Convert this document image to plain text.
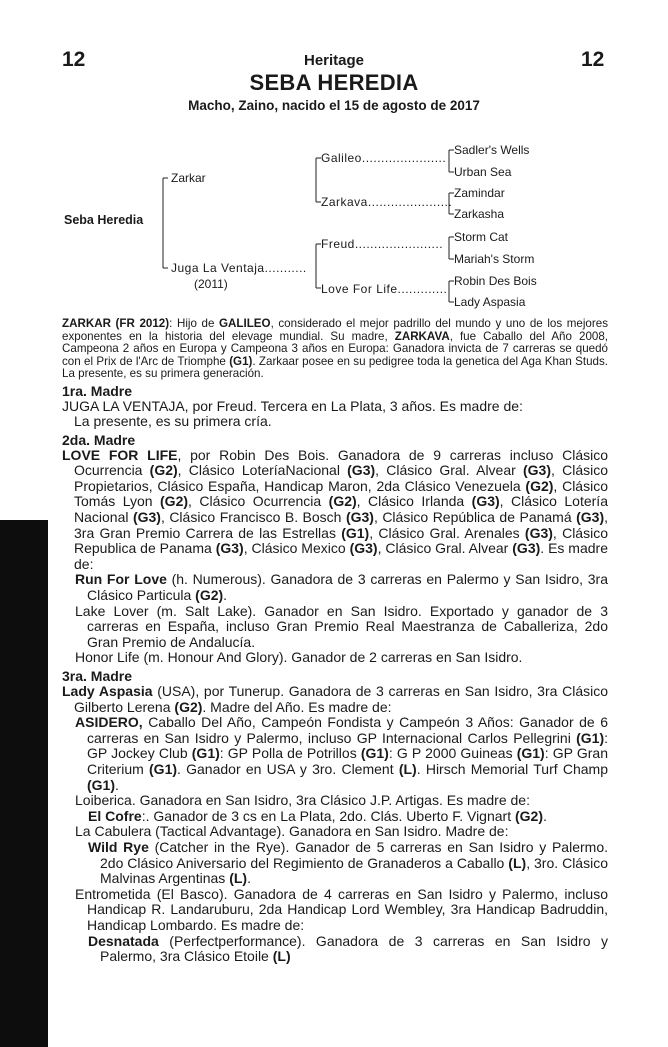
12	Heritage	12
SEBA HEREDIA
Macho, Zaino, nacido el 15 de agosto de 2017
Seba Heredia
Zarkar
Juga La Ventaja...........
(2011)
Galileo......................
Zarkava......................
Freud.......................
Love For Life.............
Sadler's Wells
Urban Sea
Zamindar
Zarkasha
Storm Cat
Mariah's Storm
Robin Des Bois
Lady Aspasia

ZARKAR (FR 2012): Hijo de GALILEO, considerado el mejor padrillo del mundo y uno de los mejores exponentes en la historia del elevage mundial. Su madre, ZARKAVA, fue Caballo del Año 2008, Campeona 2 años en Europa y Campeona 3 años en Europa: Ganadora invicta de 7 carreras se quedó con el Prix de l'Arc de Triomphe (G1). Zarkaar posee en su pedigree toda la genetica del Aga Khan Studs. La presente, es su primera generación.

1ra. Madre

JUGA LA VENTAJA, por Freud. Tercera en La Plata, 3 años. Es madre de:

La presente, es su primera cría.

2da. Madre

LOVE FOR LIFE, por Robin Des Bois. Ganadora de 9 carreras incluso Clásico Ocurrencia (G2), Clásico LoteríaNacional (G3), Clásico Gral. Alvear (G3), Clásico Propietarios, Clásico España, Handicap Maron, 2da Clásico Venezuela (G2), Clásico Tomás Lyon (G2), Clásico Ocurrencia (G2), Clásico Irlanda (G3), Clásico Lotería Nacional (G3), Clásico Francisco B. Bosch (G3), Clásico República de Panamá (G3), 3ra Gran Premio Carrera de las Estrellas (G1), Clásico Gral. Arenales (G3), Clásico Republica de Panama (G3), Clásico Mexico (G3), Clásico Gral. Alvear (G3). Es madre de:

Run For Love (h. Numerous). Ganadora de 3 carreras en Palermo y San Isidro, 3ra Clásico Particula (G2).

Lake Lover (m. Salt Lake). Ganador en San Isidro. Exportado y ganador de 3 carreras en España, incluso Gran Premio Real Maestranza de Caballeriza, 2do Gran Premio de Andalucía.

Honor Life (m. Honour And Glory). Ganador de 2 carreras en San Isidro.

3ra. Madre

Lady Aspasia (USA), por Tunerup. Ganadora de 3 carreras en San Isidro, 3ra Clásico Gilberto Lerena (G2). Madre del Año. Es madre de:

ASIDERO, Caballo Del Año, Campeón Fondista y Campeón 3 Años: Ganador de 6 carreras en San Isidro y Palermo, incluso GP Internacional Carlos Pellegrini (G1): GP Jockey Club (G1): GP Polla de Potrillos (G1): G P 2000 Guineas (G1): GP Gran Criterium (G1). Ganador en USA y 3ro. Clement (L). Hirsch Memorial Turf Champ (G1).

Loiberica. Ganadora en San Isidro, 3ra Clásico J.P. Artigas. Es madre de:

El Cofre:. Ganador de 3 cs en La Plata, 2do. Clás. Uberto F. Vignart (G2).

La Cabulera (Tactical Advantage). Ganadora en San Isidro. Madre de:

Wild Rye (Catcher in the Rye). Ganador de 5 carreras en San Isidro y Palermo. 2do Clásico Aniversario del Regimiento de Granaderos a Caballo (L), 3ro. Clásico Malvinas Argentinas (L).

Entrometida (El Basco). Ganadora de 4 carreras en San Isidro y Palermo, incluso Handicap R. Landaruburu, 2da Handicap Lord Wembley, 3ra Handicap Badruddin, Handicap Lombardo. Es madre de:

Desnatada (Perfectperformance). Ganadora de 3 carreras en San Isidro y Palermo, 3ra Clásico Etoile (L)
